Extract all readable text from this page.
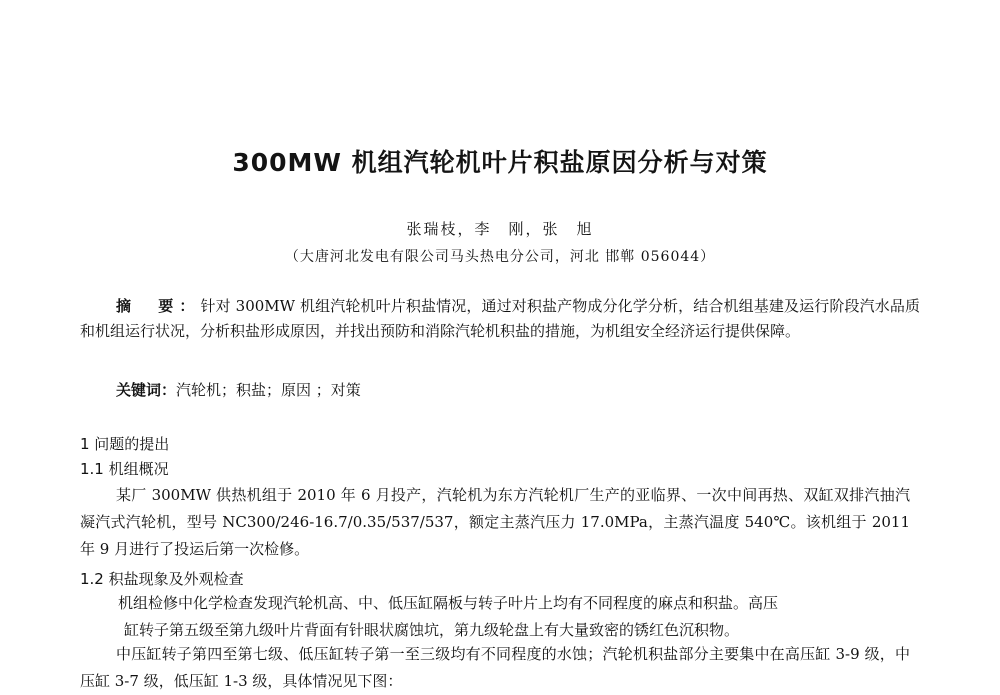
300MW 机组汽轮机叶片积盐原因分析与对策
张瑞枝，李　刚，张　旭
（大唐河北发电有限公司马头热电分公司，河北 邯郸 056044）
摘　要：针对 300MW 机组汽轮机叶片积盐情况，通过对积盐产物成分化学分析，结合机组基建及运行阶段汽水品质和机组运行状况，分析积盐形成原因，并找出预防和消除汽轮机积盐的措施，为机组安全经济运行提供保障。
关键词：汽轮机；积盐；原因 ；对策
1 问题的提出
1.1 机组概况
某厂 300MW 供热机组于 2010 年 6 月投产，汽轮机为东方汽轮机厂生产的亚临界、一次中间再热、双缸双排汽抽汽凝汽式汽轮机，型号 NC300/246-16.7/0.35/537/537，额定主蒸汽压力 17.0MPa，主蒸汽温度 540℃。该机组于 2011 年 9 月进行了投运后第一次检修。
1.2 积盐现象及外观检查
机组检修中化学检查发现汽轮机高、中、低压缸隔板与转子叶片上均有不同程度的麻点和积盐。高压
缸转子第五级至第九级叶片背面有针眼状腐蚀坑，第九级轮盘上有大量致密的锈红色沉积物。
中压缸转子第四至第七级、低压缸转子第一至三级均有不同程度的水蚀；汽轮机积盐部分主要集中在高压缸 3-9 级，中压缸 3-7 级，低压缸 1-3 级，具体情况见下图：
